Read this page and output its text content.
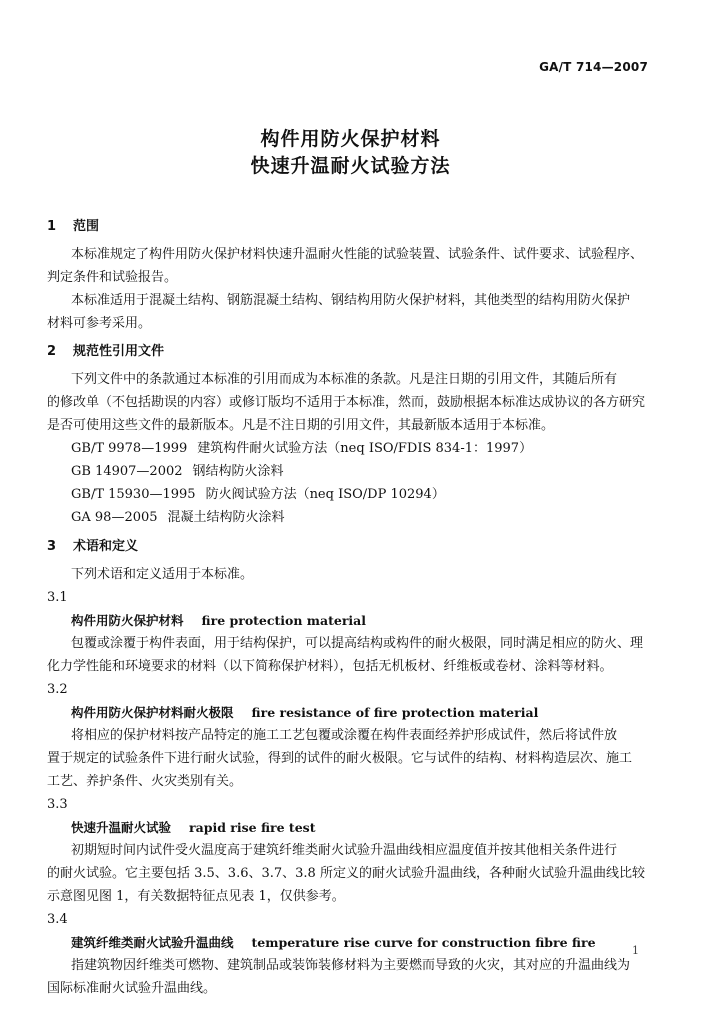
GA/T 714—2007
构件用防火保护材料
快速升温耐火试验方法
1 范围
本标准规定了构件用防火保护材料快速升温耐火性能的试验装置、试验条件、试件要求、试验程序、
判定条件和试验报告。
本标准适用于混凝土结构、钢筋混凝土结构、钢结构用防火保护材料，其他类型的结构用防火保护
材料可参考采用。
2 规范性引用文件
下列文件中的条款通过本标准的引用而成为本标准的条款。凡是注日期的引用文件，其随后所有
的修改单（不包括勘误的内容）或修订版均不适用于本标准，然而，鼓励根据本标准达成协议的各方研究
是否可使用这些文件的最新版本。凡是不注日期的引用文件，其最新版本适用于本标准。
GB/T 9978—1999 建筑构件耐火试验方法（neq ISO/FDIS 834-1：1997）
GB 14907—2002 钢结构防火涂料
GB/T 15930—1995 防火阀试验方法（neq ISO/DP 10294）
GA 98—2005 混凝土结构防火涂料
3 术语和定义
下列术语和定义适用于本标准。
3.1
构件用防火保护材料 fire protection material
包覆或涂覆于构件表面，用于结构保护，可以提高结构或构件的耐火极限，同时满足相应的防火、理
化力学性能和环境要求的材料（以下简称保护材料），包括无机板材、纤维板或卷材、涂料等材料。
3.2
构件用防火保护材料耐火极限 fire resistance of fire protection material
将相应的保护材料按产品特定的施工工艺包覆或涂覆在构件表面经养护形成试件，然后将试件放
置于规定的试验条件下进行耐火试验，得到的试件的耐火极限。它与试件的结构、材料构造层次、施工
工艺、养护条件、火灾类别有关。
3.3
快速升温耐火试验 rapid rise fire test
初期短时间内试件受火温度高于建筑纤维类耐火试验升温曲线相应温度值并按其他相关条件进行
的耐火试验。它主要包括 3.5、3.6、3.7、3.8 所定义的耐火试验升温曲线，各种耐火试验升温曲线比较
示意图见图 1，有关数据特征点见表 1，仅供参考。
3.4
建筑纤维类耐火试验升温曲线 temperature rise curve for construction fibre fire
指建筑物因纤维类可燃物、建筑制品或装饰装修材料为主要燃而导致的火灾，其对应的升温曲线为
国际标准耐火试验升温曲线。
1
